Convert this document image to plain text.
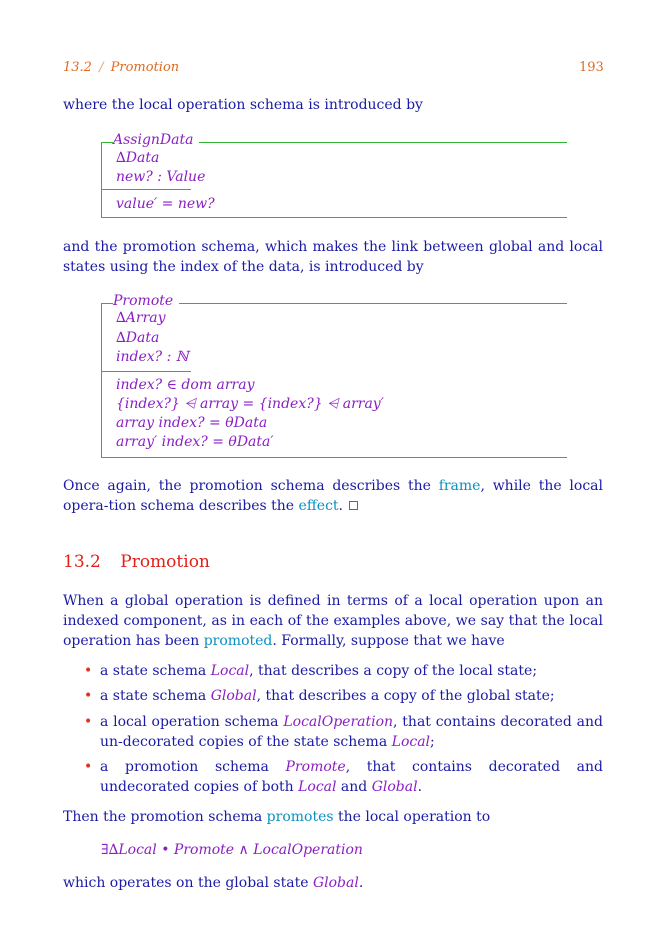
13.2 / Promotion	193
where the local operation schema is introduced by
AssignData
∆Data
new? : Value
value′ = new?
and the promotion schema, which makes the link between global and local states using the index of the data, is introduced by
Promote
∆Array
∆Data
index? : ℕ
index? ∈ dom array
{index?} ⩤ array = {index?} ⩤ array′
array index? = θData
array′ index? = θData′
Once again, the promotion schema describes the frame, while the local opera-tion schema describes the effect.
13.2 Promotion
When a global operation is defined in terms of a local operation upon an indexed component, as in each of the examples above, we say that the local operation has been promoted. Formally, suppose that we have
• a state schema Local, that describes a copy of the local state;
• a state schema Global, that describes a copy of the global state;
• a local operation schema LocalOperation, that contains decorated and un-decorated copies of the state schema Local;
• a promotion schema Promote, that contains decorated and undecorated copies of both Local and Global.
Then the promotion schema promotes the local operation to
∃∆Local • Promote ∧ LocalOperation
which operates on the global state Global.
